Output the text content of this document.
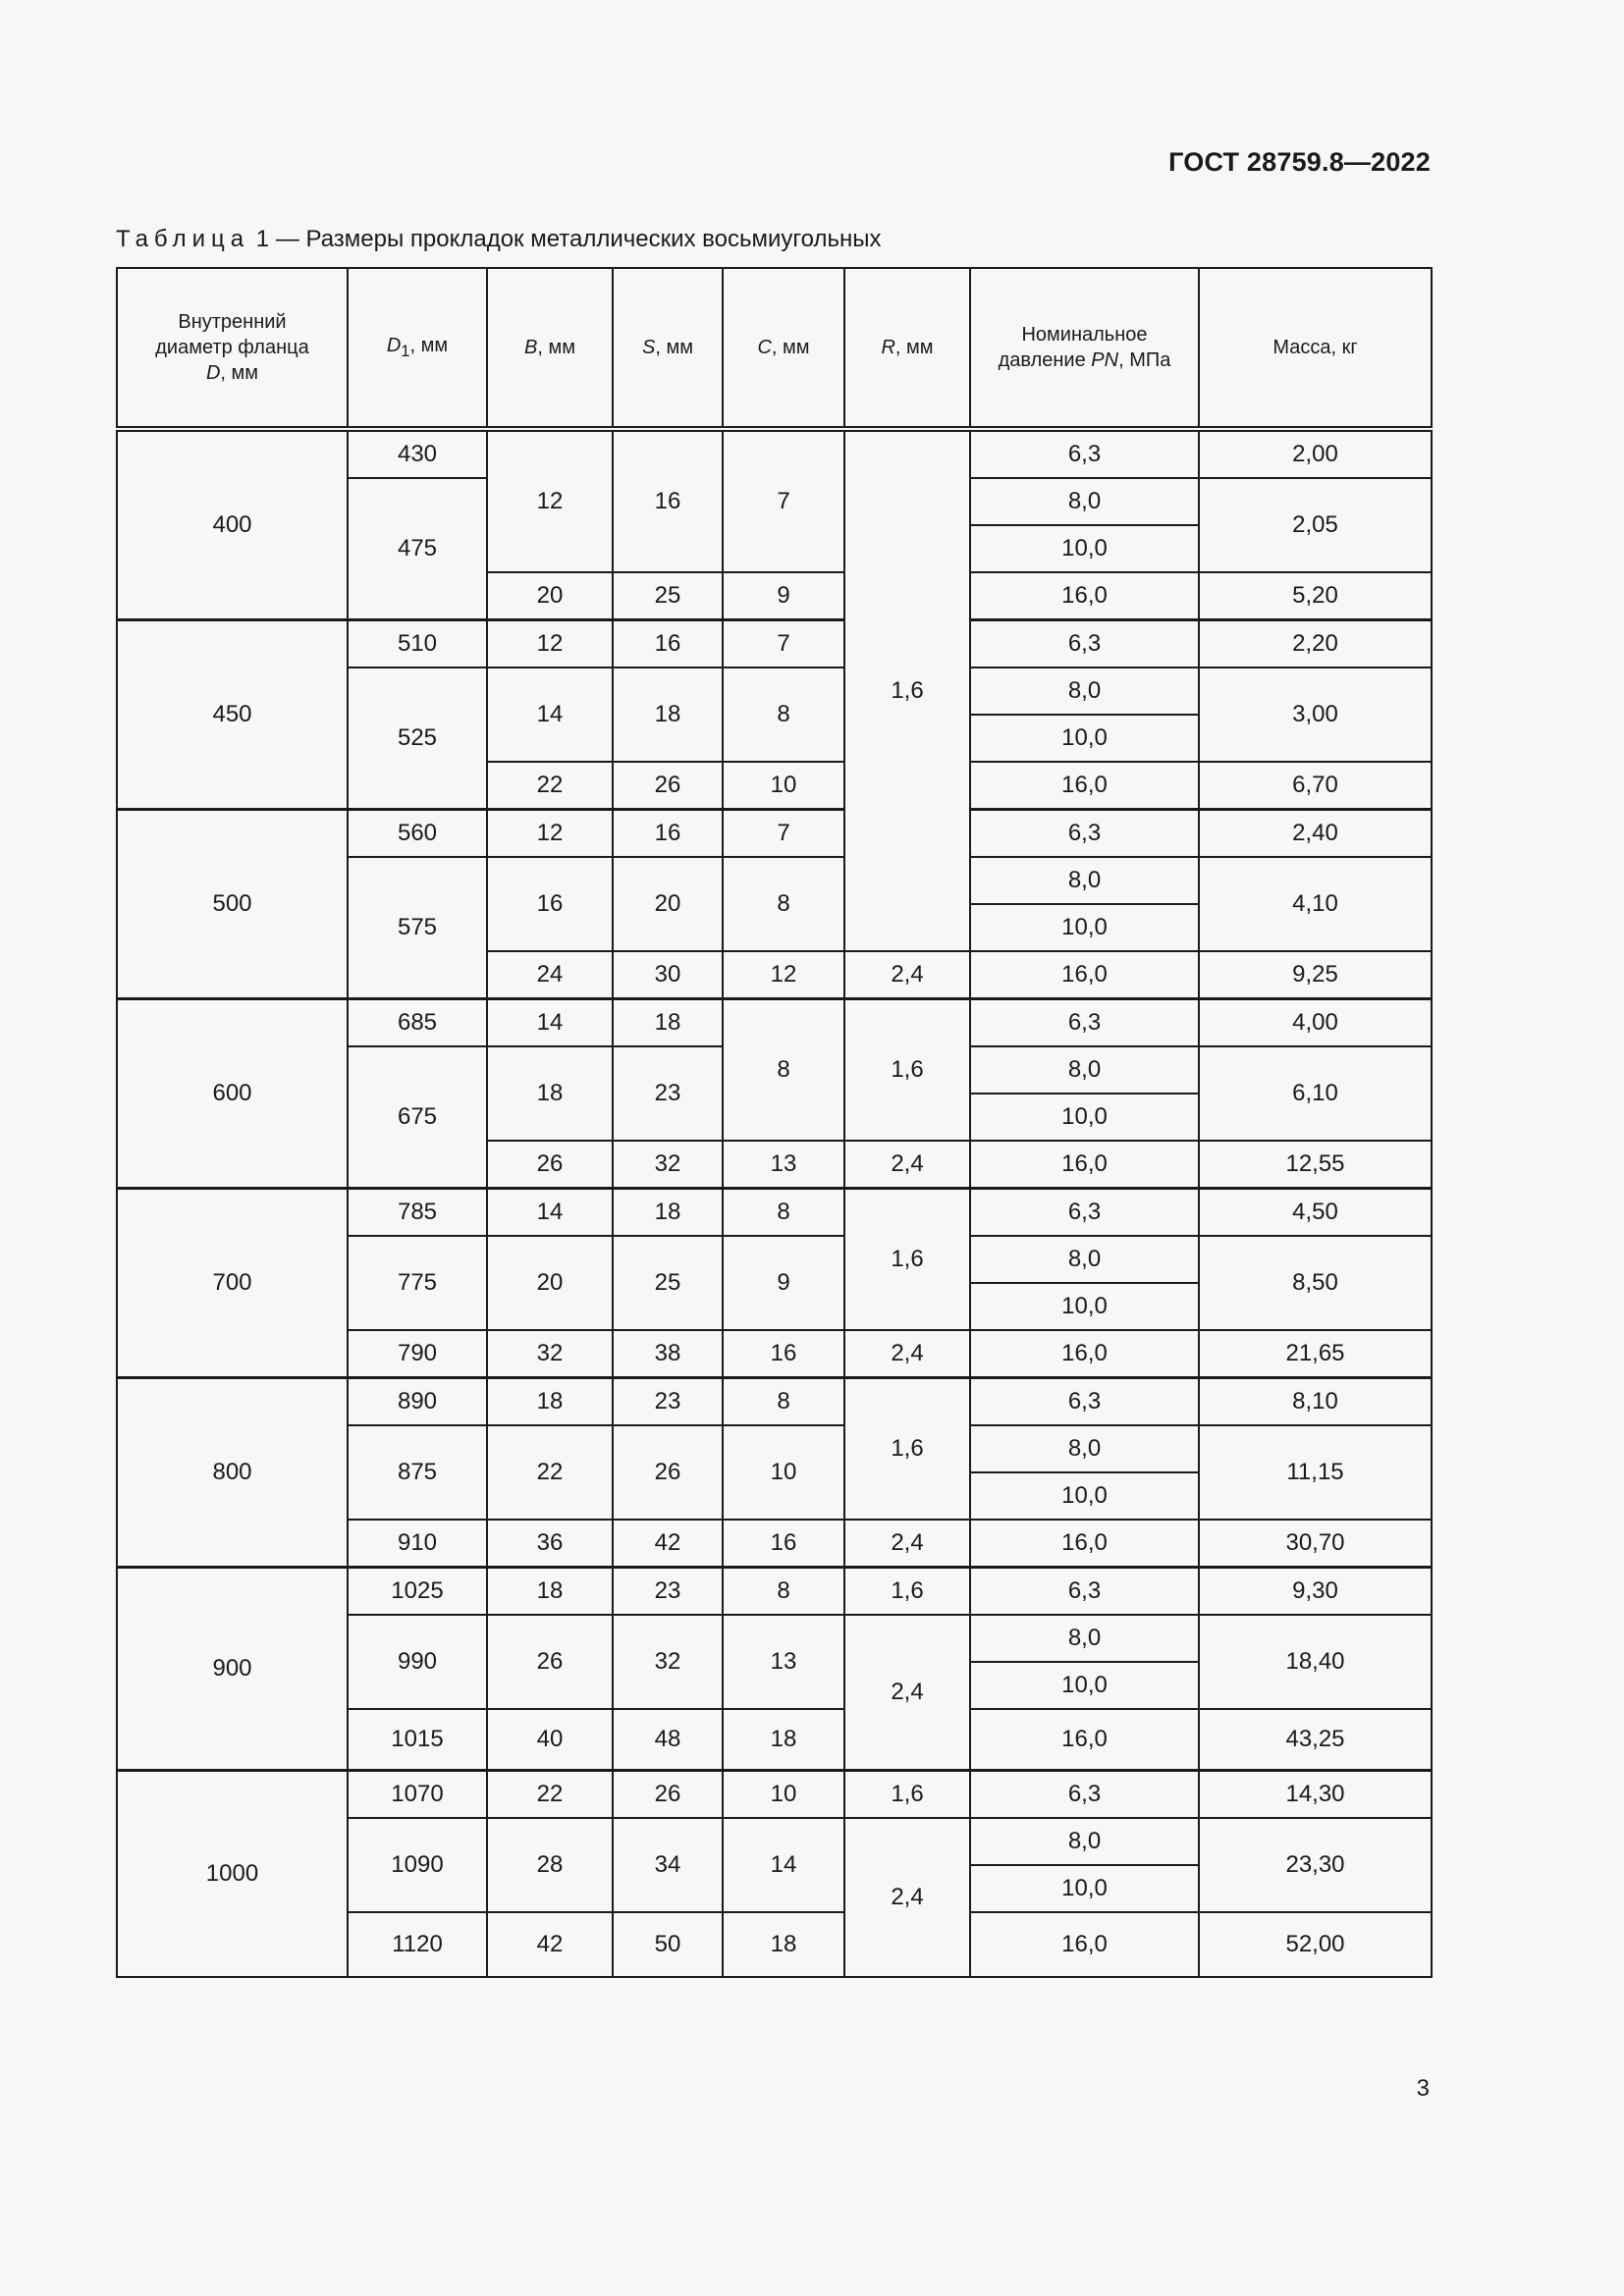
ГОСТ 28759.8—2022
Таблица 1 — Размеры прокладок металлических восьмиугольных
Внутренний
диаметр фланца
D, мм	$D_1$, мм	B, мм	S, мм	C, мм	R, мм	Номинальное
давление PN, МПа	Масса, кг
400	430	12	16	7	1,6	6,3	2,00
	475					8,0	2,05
						10,0	
		20	25	9		16,0	5,20
450	510	12	16	7		6,3	2,20
	525	14	18	8		8,0	3,00
						10,0	
		22	26	10		16,0	6,70
500	560	12	16	7		6,3	2,40
	575	16	20	8		8,0	4,10
						10,0	
		24	30	12	2,4	16,0	9,25
600	685	14	18	8	1,6	6,3	4,00
	675	18	23			8,0	6,10
						10,0	
		26	32	13	2,4	16,0	12,55
700	785	14	18	8	1,6	6,3	4,50
	775	20	25	9		8,0	8,50
						10,0	
	790	32	38	16	2,4	16,0	21,65
800	890	18	23	8	1,6	6,3	8,10
	875	22	26	10		8,0	11,15
						10,0	
	910	36	42	16	2,4	16,0	30,70
900	1025	18	23	8	1,6	6,3	9,30
	990	26	32	13	2,4	8,0	18,40
						10,0	
	1015	40	48	18		16,0	43,25
1000	1070	22	26	10	1,6	6,3	14,30
	1090	28	34	14	2,4	8,0	23,30
						10,0	
	1120	42	50	18		16,0	52,00
3
